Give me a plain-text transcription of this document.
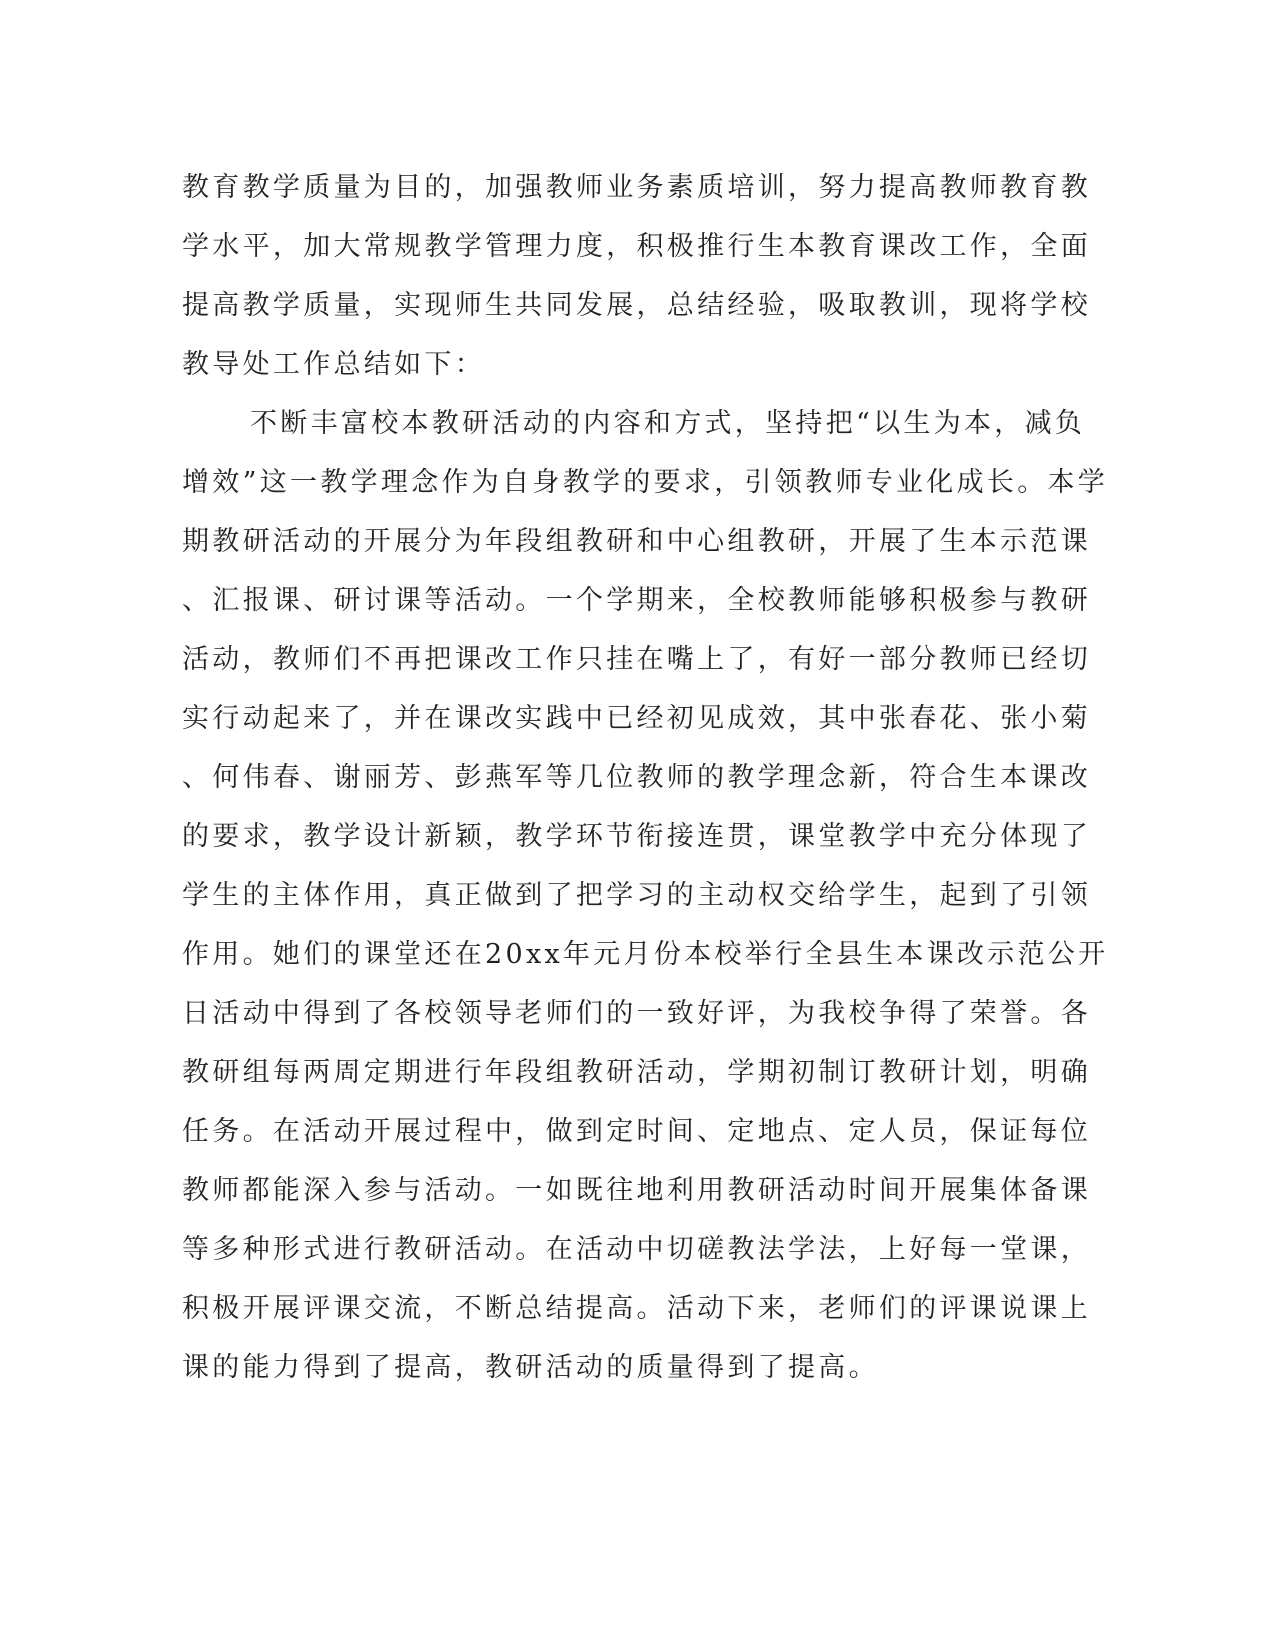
教育教学质量为目的，加强教师业务素质培训，努力提高教师教育教
学水平，加大常规教学管理力度，积极推行生本教育课改工作，全面
提高教学质量，实现师生共同发展，总结经验，吸取教训，现将学校
教导处工作总结如下：
不断丰富校本教研活动的内容和方式，坚持把“以生为本，减负
增效”这一教学理念作为自身教学的要求，引领教师专业化成长。本学
期教研活动的开展分为年段组教研和中心组教研，开展了生本示范课
、汇报课、研讨课等活动。一个学期来，全校教师能够积极参与教研
活动，教师们不再把课改工作只挂在嘴上了，有好一部分教师已经切
实行动起来了，并在课改实践中已经初见成效，其中张春花、张小菊
、何伟春、谢丽芳、彭燕军等几位教师的教学理念新，符合生本课改
的要求，教学设计新颖，教学环节衔接连贯，课堂教学中充分体现了
学生的主体作用，真正做到了把学习的主动权交给学生，起到了引领
作用。她们的课堂还在20xx年元月份本校举行全县生本课改示范公开
日活动中得到了各校领导老师们的一致好评，为我校争得了荣誉。各
教研组每两周定期进行年段组教研活动，学期初制订教研计划，明确
任务。在活动开展过程中，做到定时间、定地点、定人员，保证每位
教师都能深入参与活动。一如既往地利用教研活动时间开展集体备课
等多种形式进行教研活动。在活动中切磋教法学法，上好每一堂课，
积极开展评课交流，不断总结提高。活动下来，老师们的评课说课上
课的能力得到了提高，教研活动的质量得到了提高。
